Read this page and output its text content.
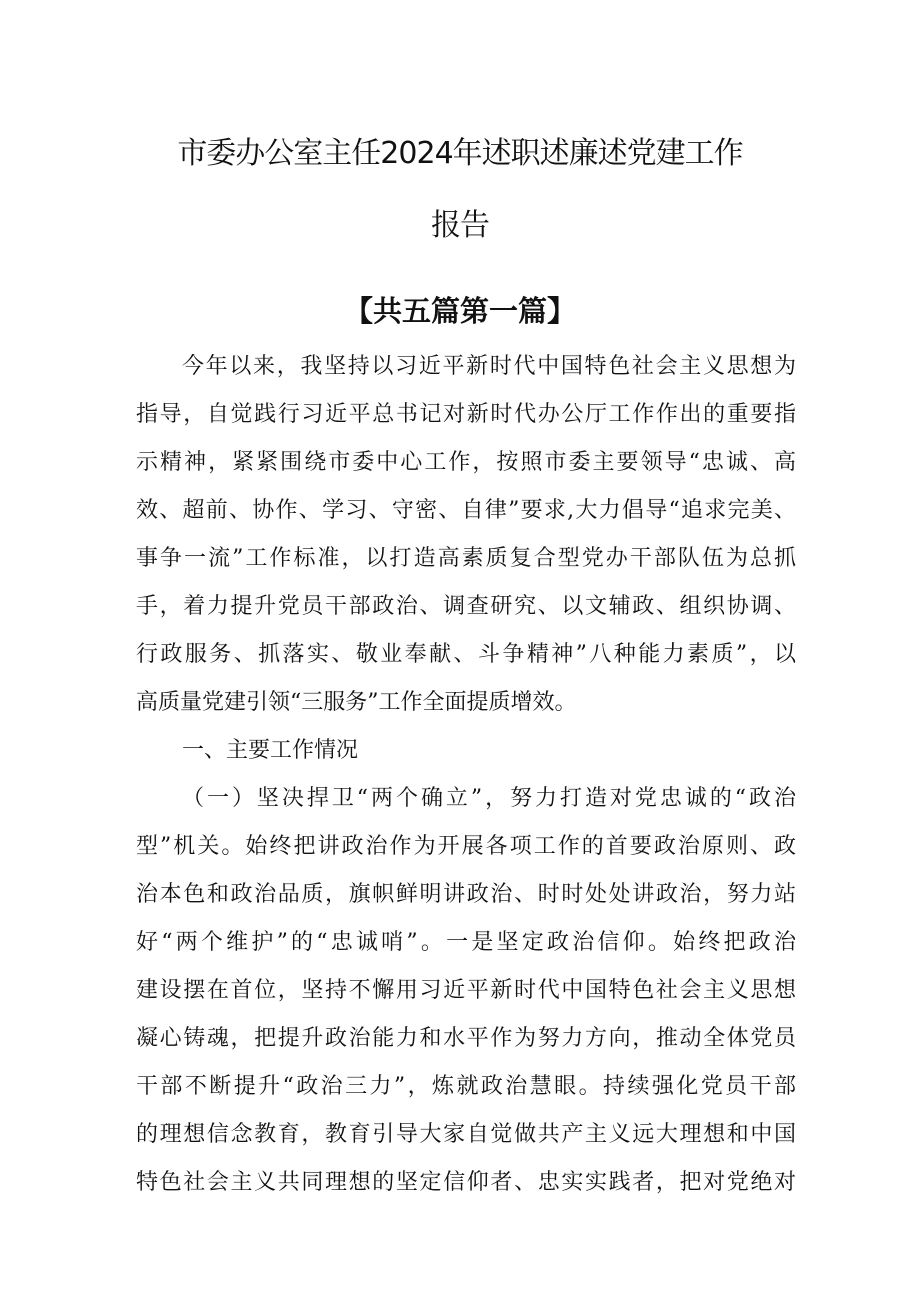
市委办公室主任2024年述职述廉述党建工作
报告
【共五篇第一篇】
今年以来，我坚持以习近平新时代中国特色社会主义思想为
指导，自觉践行习近平总书记对新时代办公厅工作作出的重要指
示精神，紧紧围绕市委中心工作，按照市委主要领导“忠诚、高
效、超前、协作、学习、守密、自律”要求,大力倡导“追求完美、
事争一流”工作标准，以打造高素质复合型党办干部队伍为总抓
手，着力提升党员干部政治、调查研究、以文辅政、组织协调、
行政服务、抓落实、敬业奉献、斗争精神”八种能力素质”，以
高质量党建引领“三服务”工作全面提质增效。
一、主要工作情况
（一）坚决捍卫“两个确立”，努力打造对党忠诚的“政治
型”机关。始终把讲政治作为开展各项工作的首要政治原则、政
治本色和政治品质，旗帜鲜明讲政治、时时处处讲政治，努力站
好“两个维护”的“忠诚哨”。一是坚定政治信仰。始终把政治
建设摆在首位，坚持不懈用习近平新时代中国特色社会主义思想
凝心铸魂，把提升政治能力和水平作为努力方向，推动全体党员
干部不断提升“政治三力”，炼就政治慧眼。持续强化党员干部
的理想信念教育，教育引导大家自觉做共产主义远大理想和中国
特色社会主义共同理想的坚定信仰者、忠实实践者，把对党绝对
